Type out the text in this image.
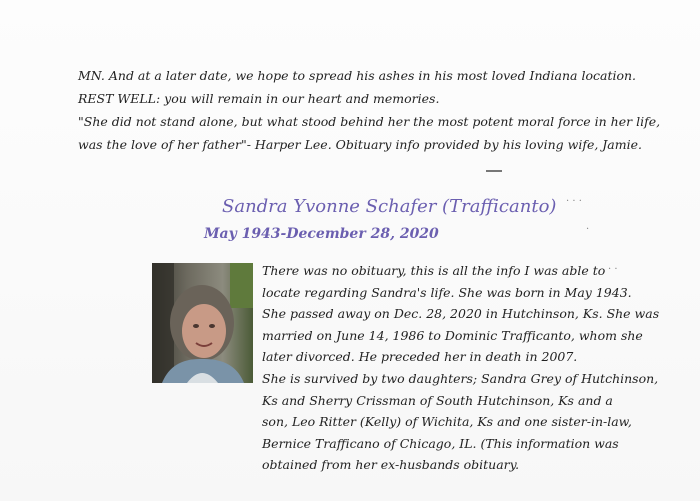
MN. And at a later date, we hope to spread his ashes in his most loved Indiana location.

REST WELL: you will remain in our heart and memories.

"She did not stand alone, but what stood behind her the most potent moral force in her life,

was the love of her father"- Harper Lee. Obituary info provided by his loving wife, Jamie.

· · ·
·
· ·
Sandra Yvonne Schafer (Trafficanto)
May 1943-December 28, 2020

There was no obituary, this is all the info I was able to

locate regarding Sandra's life. She was born in May 1943.

She passed away on Dec. 28, 2020 in Hutchinson, Ks. She was

married on June 14, 1986 to Dominic Trafficanto, whom she

later divorced. He preceded her in death in 2007.

She is survived by two daughters; Sandra Grey of Hutchinson,

Ks and Sherry Crissman of South Hutchinson, Ks and a

son, Leo Ritter (Kelly) of Wichita, Ks and one sister-in-law,

Bernice Trafficano of Chicago, IL. (This information was

obtained from her ex-husbands obituary.
